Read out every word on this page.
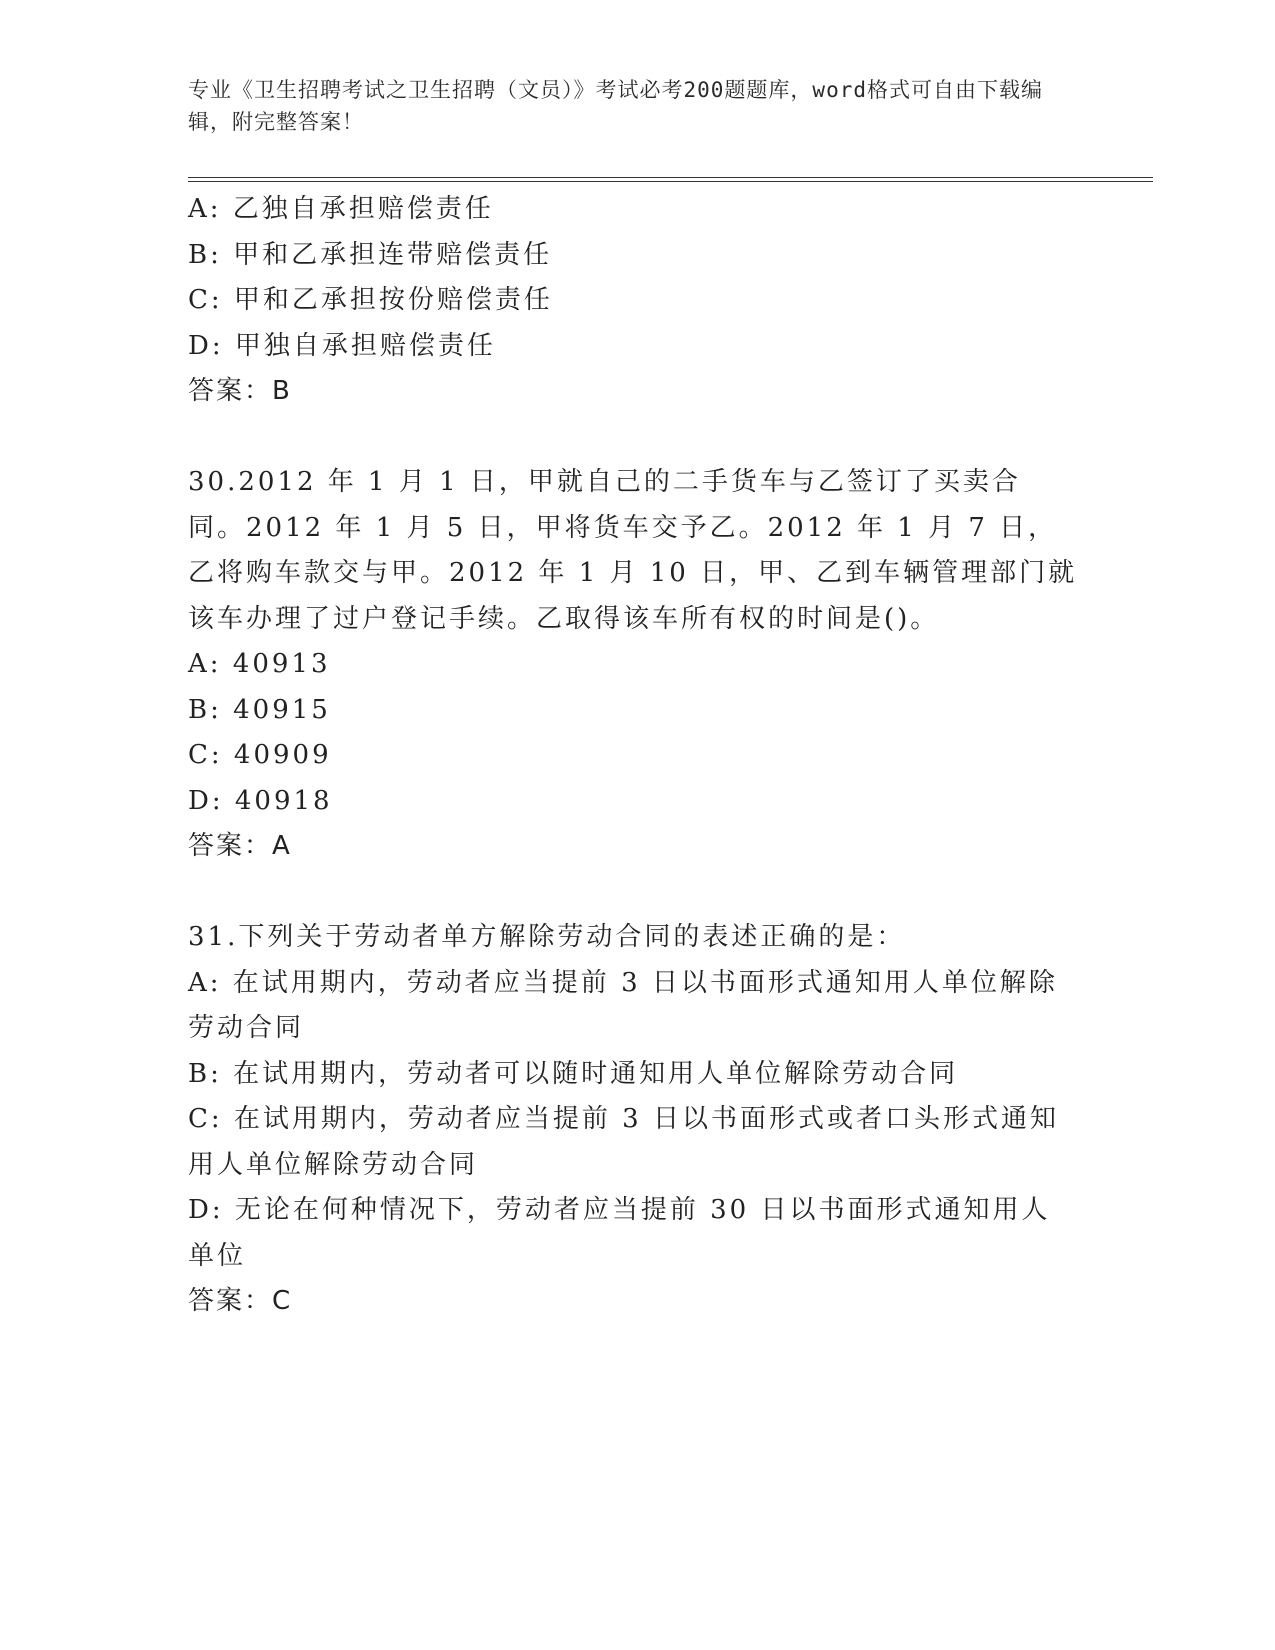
专业《卫生招聘考试之卫生招聘（文员）》考试必考200题题库，word格式可自由下载编辑，附完整答案！
A: 乙独自承担赔偿责任
B: 甲和乙承担连带赔偿责任
C: 甲和乙承担按份赔偿责任
D: 甲独自承担赔偿责任
答案：B
30.2012 年 1 月 1 日，甲就自己的二手货车与乙签订了买卖合同。2012 年 1 月 5 日，甲将货车交予乙。2012 年 1 月 7 日，乙将购车款交与甲。2012 年 1 月 10 日，甲、乙到车辆管理部门就该车办理了过户登记手续。乙取得该车所有权的时间是()。
A: 40913
B: 40915
C: 40909
D: 40918
答案：A
31.下列关于劳动者单方解除劳动合同的表述正确的是：
A: 在试用期内，劳动者应当提前 3 日以书面形式通知用人单位解除劳动合同
B: 在试用期内，劳动者可以随时通知用人单位解除劳动合同
C: 在试用期内，劳动者应当提前 3 日以书面形式或者口头形式通知用人单位解除劳动合同
D: 无论在何种情况下，劳动者应当提前 30 日以书面形式通知用人单位
答案：C
